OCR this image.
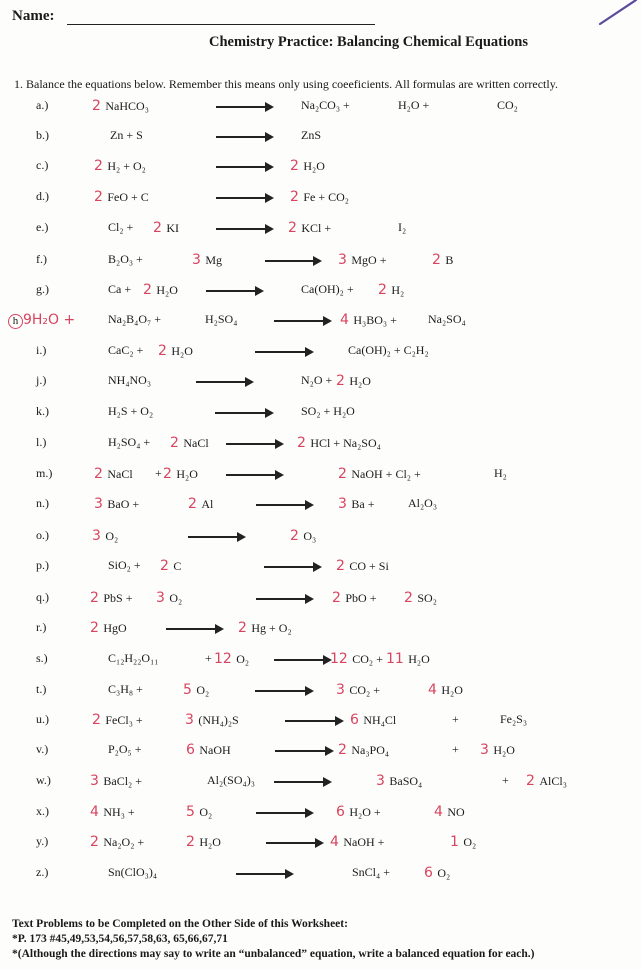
Name:
Chemistry Practice: Balancing Chemical Equations
1. Balance the equations below. Remember this means only using coeeficients. All formulas are written correctly.
a.)	2 NaHCO₃	Na₂CO₃ +	H₂O +	CO₂
b.)	Zn + S	ZnS
c.)	2 H₂ + O₂	2 H₂O
d.)	2 FeO + C	2 Fe + CO₂
e.)	Cl₂ + 2 KI	2 KCl +	I₂
f.)	B₂O₃ +	3 Mg	3 MgO +	2 B
g.)	Ca + 2 H₂O	Ca(OH)₂ + 2 H₂
h 9H₂O +	Na₂B₄O₇ +	H₂SO₄	4 H₃BO₃ +	Na₂SO₄
i.)	CaC₂ + 2 H₂O	Ca(OH)₂ + C₂H₂
j.)	NH₄NO₃	N₂O + 2 H₂O
k.)	H₂S + O₂	SO₂ + H₂O
l.)	H₂SO₄ + 2 NaCl	2 HCl + Na₂SO₄
m.)	2 NaCl + 2 H₂O	2 NaOH + Cl₂ +	H₂
n.)	3 BaO +	2 Al	3 Ba +	Al₂O₃
o.)	3 O₂	2 O₃
p.)	SiO₂ + 2 C	2 CO + Si
q.)	2 PbS + 3 O₂	2 PbO + 2 SO₂
r.)	2 HgO	2 Hg + O₂
s.)	C₁₂H₂₂O₁₁	+ 12 O₂	12 CO₂ + 11 H₂O
t.)	C₃H₈ +	5 O₂	3 CO₂ +	4 H₂O
u.)	2 FeCl₃ +	3 (NH₄)₂S	6 NH₄Cl	+	Fe₂S₃
v.)	P₂O₅ +	6 NaOH	2 Na₃PO₄	+ 3 H₂O
w.)	3 BaCl₂ +	Al₂(SO₄)₃	3 BaSO₄	+ 2 AlCl₃
x.)	4 NH₃ +	5 O₂	6 H₂O +	4 NO
y.)	2 Na₂O₂ +	2 H₂O	4 NaOH +	1 O₂
z.)	Sn(ClO₃)₄	SnCl₄ + 6 O₂
Text Problems to be Completed on the Other Side of this Worksheet:
*P. 173 #45,49,53,54,56,57,58,63, 65,66,67,71
*(Although the directions may say to write an “unbalanced” equation, write a balanced equation for each.)
